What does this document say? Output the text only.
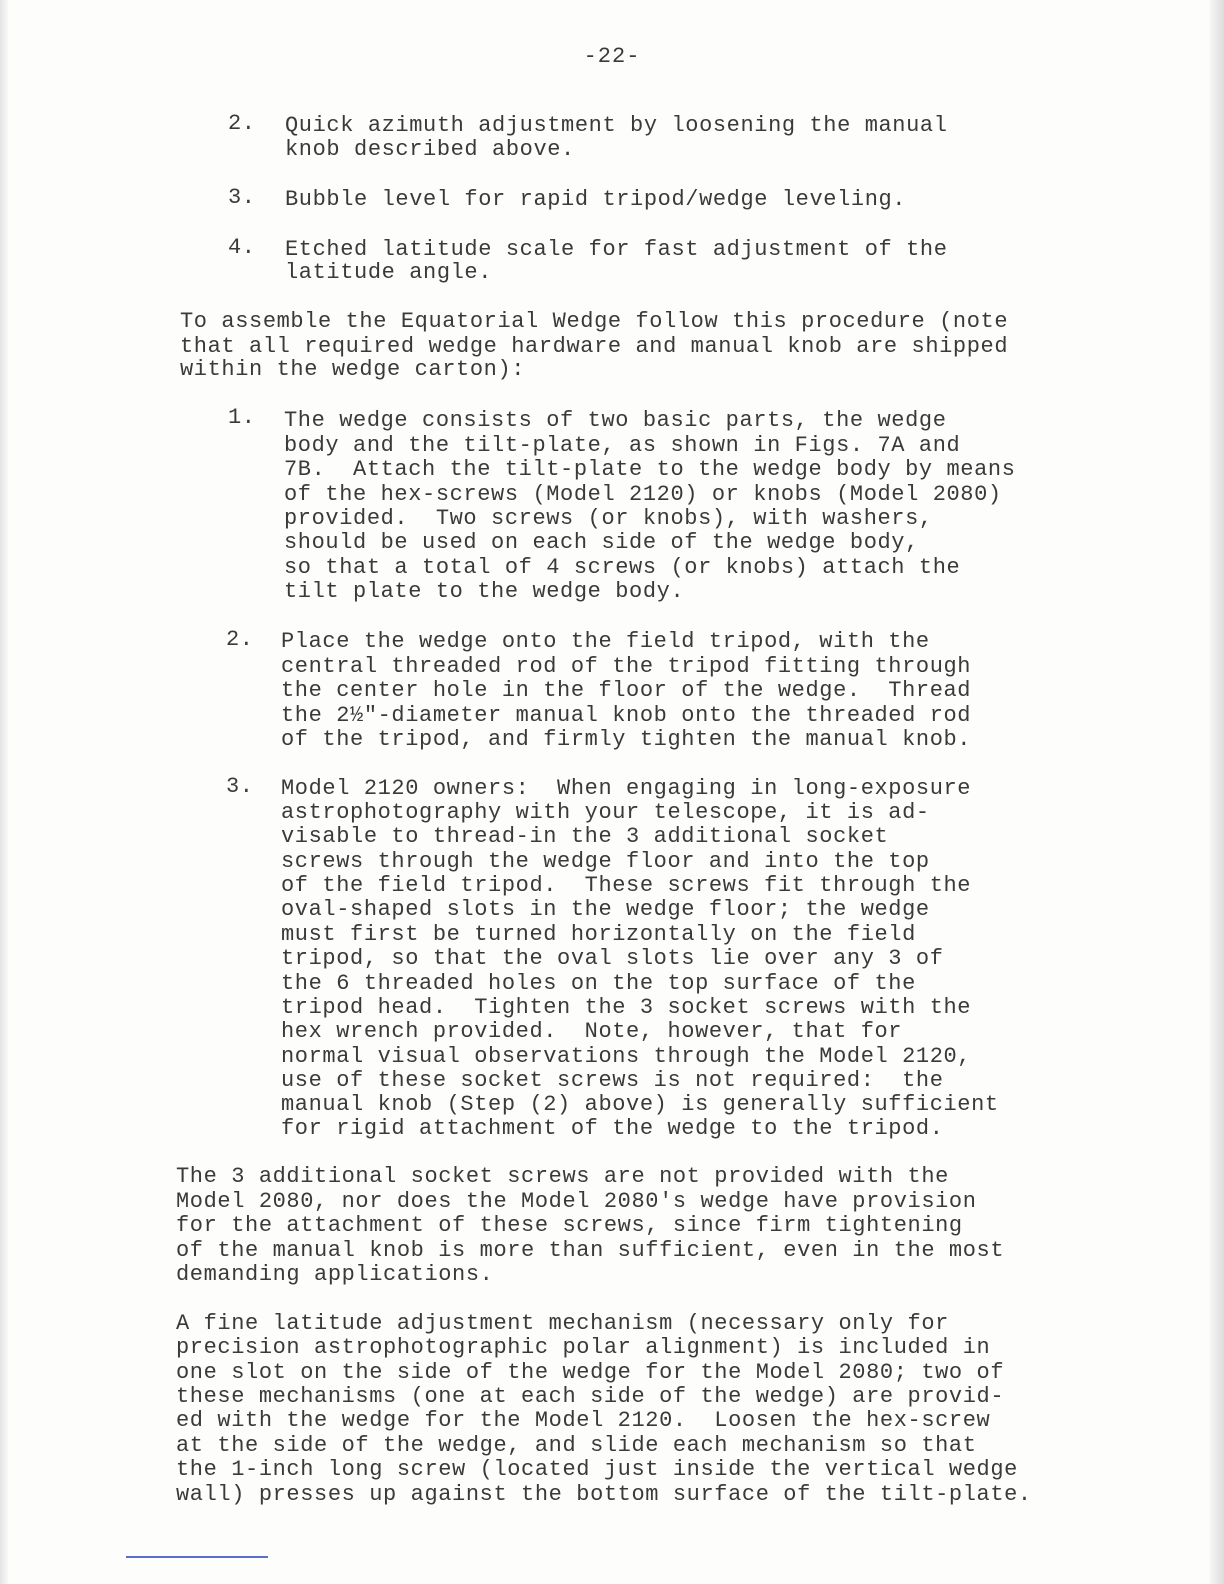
-22-
2. Quick azimuth adjustment by loosening the manual
knob described above.
3. Bubble level for rapid tripod/wedge leveling.
4. Etched latitude scale for fast adjustment of the
latitude angle.
To assemble the Equatorial Wedge follow this procedure (note
that all required wedge hardware and manual knob are shipped
within the wedge carton):
1. The wedge consists of two basic parts, the wedge
body and the tilt-plate, as shown in Figs. 7A and
7B.  Attach the tilt-plate to the wedge body by means
of the hex-screws (Model 2120) or knobs (Model 2080)
provided.  Two screws (or knobs), with washers,
should be used on each side of the wedge body,
so that a total of 4 screws (or knobs) attach the
tilt plate to the wedge body.
2. Place the wedge onto the field tripod, with the
central threaded rod of the tripod fitting through
the center hole in the floor of the wedge.  Thread
the 2½"-diameter manual knob onto the threaded rod
of the tripod, and firmly tighten the manual knob.
3. Model 2120 owners:  When engaging in long-exposure
astrophotography with your telescope, it is ad-
visable to thread-in the 3 additional socket
screws through the wedge floor and into the top
of the field tripod.  These screws fit through the
oval-shaped slots in the wedge floor; the wedge
must first be turned horizontally on the field
tripod, so that the oval slots lie over any 3 of
the 6 threaded holes on the top surface of the
tripod head.  Tighten the 3 socket screws with the
hex wrench provided.  Note, however, that for
normal visual observations through the Model 2120,
use of these socket screws is not required:  the
manual knob (Step (2) above) is generally sufficient
for rigid attachment of the wedge to the tripod.
The 3 additional socket screws are not provided with the
Model 2080, nor does the Model 2080's wedge have provision
for the attachment of these screws, since firm tightening
of the manual knob is more than sufficient, even in the most
demanding applications.
A fine latitude adjustment mechanism (necessary only for
precision astrophotographic polar alignment) is included in
one slot on the side of the wedge for the Model 2080; two of
these mechanisms (one at each side of the wedge) are provid-
ed with the wedge for the Model 2120.  Loosen the hex-screw
at the side of the wedge, and slide each mechanism so that
the 1-inch long screw (located just inside the vertical wedge
wall) presses up against the bottom surface of the tilt-plate.
